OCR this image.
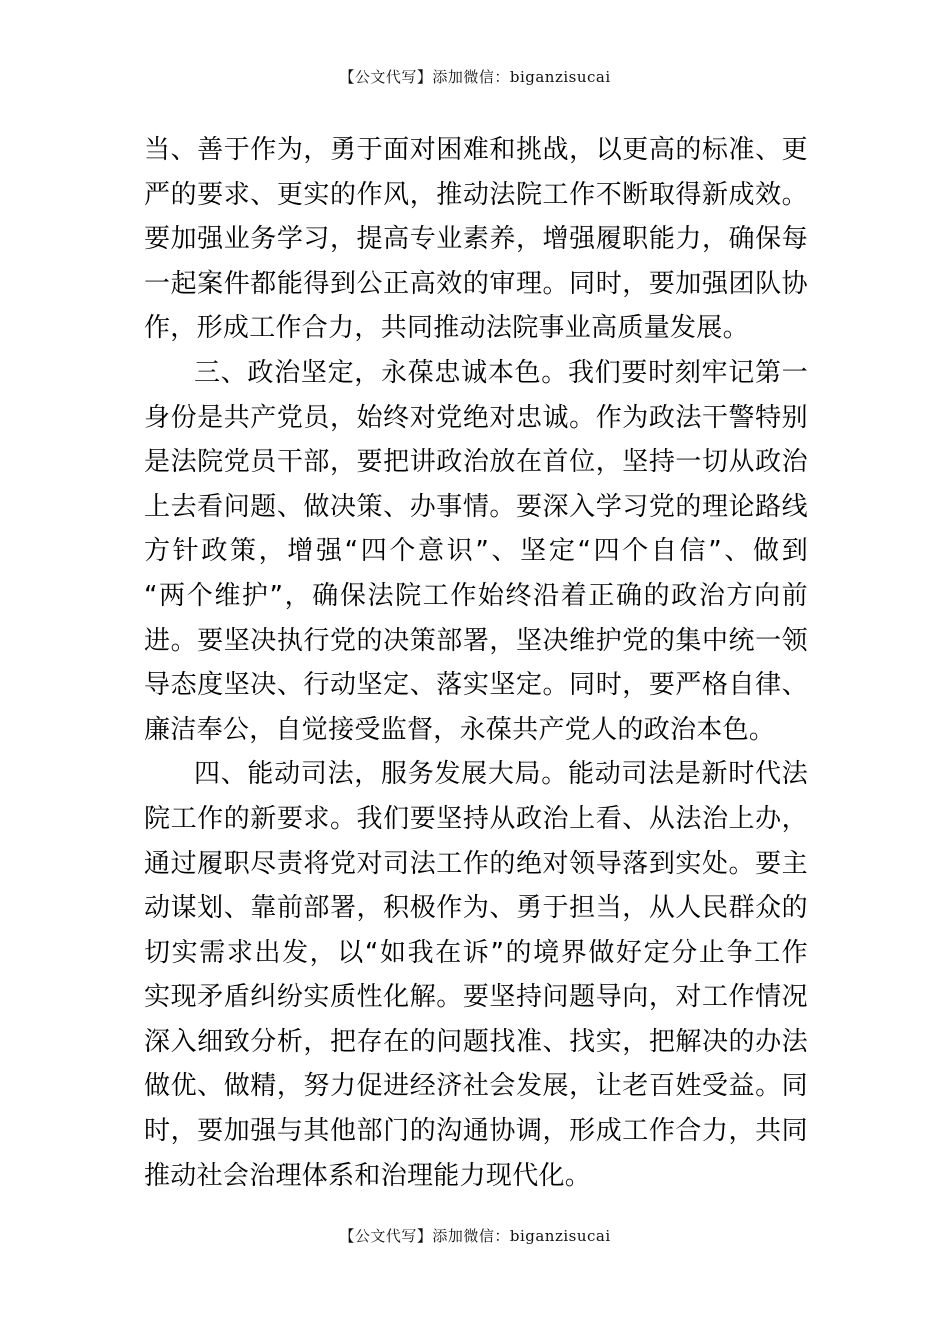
【公文代写】添加微信：biganzisucai
当、善于作为，勇于面对困难和挑战，以更高的标准、更
严的要求、更实的作风，推动法院工作不断取得新成效。
要加强业务学习，提高专业素养，增强履职能力，确保每
一起案件都能得到公正高效的审理。同时，要加强团队协
作，形成工作合力，共同推动法院事业高质量发展。
三、政治坚定，永葆忠诚本色。我们要时刻牢记第一
身份是共产党员，始终对党绝对忠诚。作为政法干警特别
是法院党员干部，要把讲政治放在首位，坚持一切从政治
上去看问题、做决策、办事情。要深入学习党的理论路线
方针政策，增强“四个意识”、坚定“四个自信”、做到
“两个维护”，确保法院工作始终沿着正确的政治方向前
进。要坚决执行党的决策部署，坚决维护党的集中统一领
导态度坚决、行动坚定、落实坚定。同时，要严格自律、
廉洁奉公，自觉接受监督，永葆共产党人的政治本色。
四、能动司法，服务发展大局。能动司法是新时代法
院工作的新要求。我们要坚持从政治上看、从法治上办，
通过履职尽责将党对司法工作的绝对领导落到实处。要主
动谋划、靠前部署，积极作为、勇于担当，从人民群众的
切实需求出发，以“如我在诉”的境界做好定分止争工作
实现矛盾纠纷实质性化解。要坚持问题导向，对工作情况
深入细致分析，把存在的问题找准、找实，把解决的办法
做优、做精，努力促进经济社会发展，让老百姓受益。同
时，要加强与其他部门的沟通协调，形成工作合力，共同
推动社会治理体系和治理能力现代化。
【公文代写】添加微信：biganzisucai
